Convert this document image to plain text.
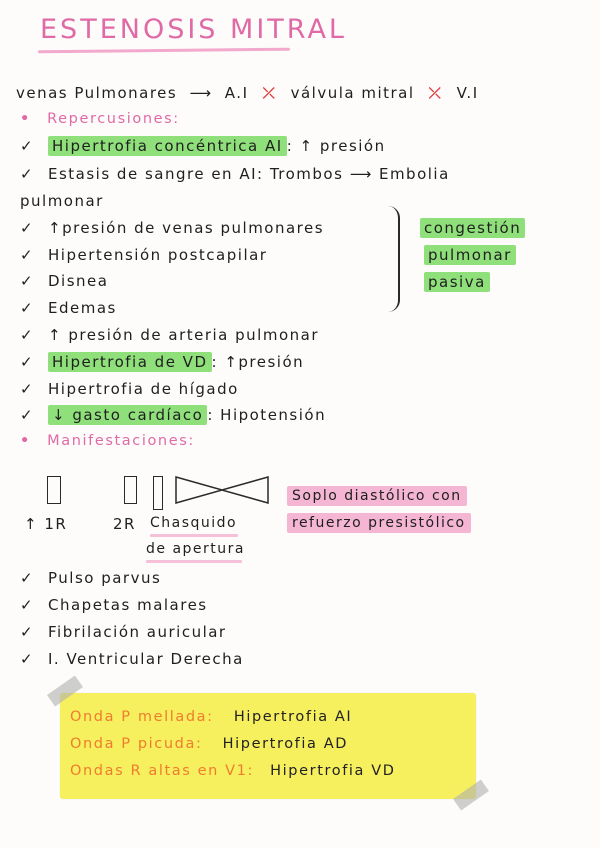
ESTENOSIS MITRAL
venas Pulmonares ⟶ A.I ⤫ válvula mitral ⤫ V.I
• Repercusiones:
✓ Hipertrofia concéntrica AI : ↑ presión
✓ Estasis de sangre en AI: Trombos ⟶ Embolia
pulmonar
✓ ↑presión de venas pulmonares
✓ Hipertensión postcapilar
✓ Disnea
✓ Edemas
congestión
pulmonar
pasiva
✓ ↑ presión de arteria pulmonar
✓ Hipertrofia de VD : ↑presión
✓ Hipertrofia de hígado
✓ ↓ gasto cardíaco : Hipotensión
• Manifestaciones:
↑ 1R	2R Chasquido
de apertura
Soplo diastólico con
refuerzo presistólico
✓ Pulso parvus
✓ Chapetas malares
✓ Fibrilación auricular
✓ I. Ventricular Derecha
Onda P mellada: Hipertrofia AI
Onda P picuda: Hipertrofia AD
Ondas R altas en V1: Hipertrofia VD
